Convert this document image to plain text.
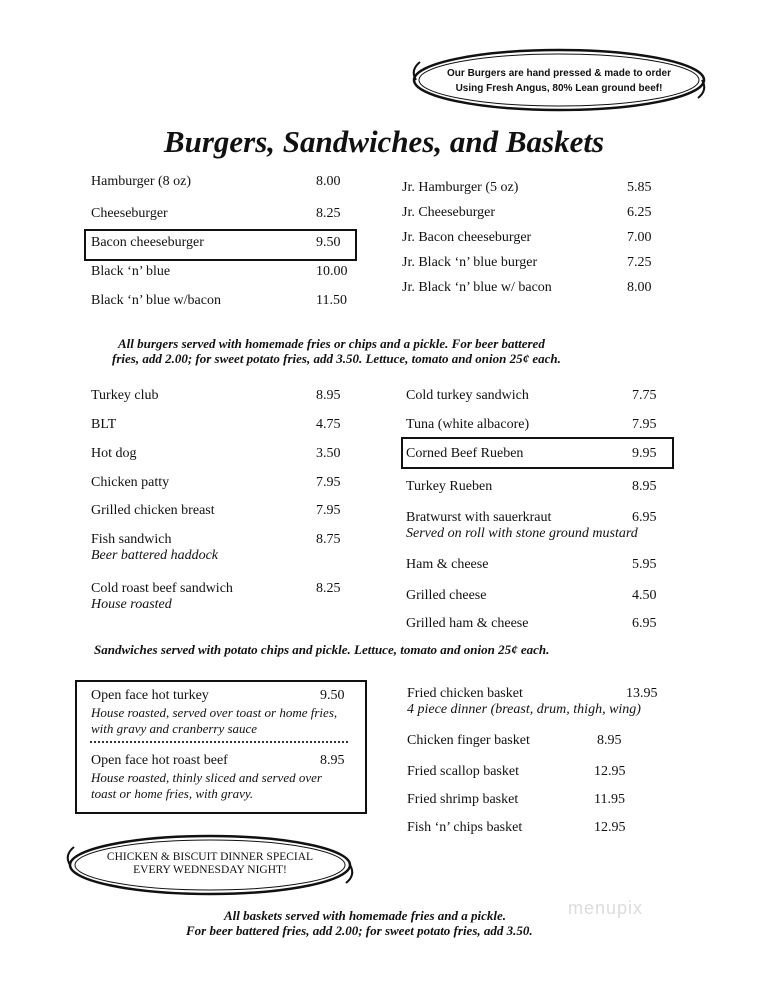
Our Burgers are hand pressed & made to order
Using Fresh Angus, 80% Lean ground beef!
Burgers, Sandwiches, and Baskets
Hamburger (8 oz)	8.00
Cheeseburger	8.25
Bacon cheeseburger	9.50
Black ‘n’ blue	10.00
Black ‘n’ blue w/bacon	11.50
Jr. Hamburger (5 oz)	5.85
Jr. Cheeseburger	6.25
Jr. Bacon cheeseburger	7.00
Jr. Black ‘n’ blue burger	7.25
Jr. Black ‘n’ blue w/ bacon	8.00
All burgers served with homemade fries or chips and a pickle. For beer battered
fries, add 2.00; for sweet potato fries, add 3.50. Lettuce, tomato and onion 25¢ each.
Turkey club	8.95
BLT	4.75
Hot dog	3.50
Chicken patty	7.95
Grilled chicken breast	7.95
Fish sandwich	8.75
Beer battered haddock
Cold roast beef sandwich	8.25
House roasted
Cold turkey sandwich	7.75
Tuna (white albacore)	7.95
Corned Beef Rueben	9.95
Turkey Rueben	8.95
Bratwurst with sauerkraut	6.95
Served on roll with stone ground mustard
Ham & cheese	5.95
Grilled cheese	4.50
Grilled ham & cheese	6.95
Sandwiches served with potato chips and pickle. Lettuce, tomato and onion 25¢ each.
Open face hot turkey	9.50
House roasted, served over toast or home fries,
with gravy and cranberry sauce
Open face hot roast beef	8.95
House roasted, thinly sliced and served over
toast or home fries, with gravy.
Fried chicken basket	13.95
4 piece dinner (breast, drum, thigh, wing)
Chicken finger basket	8.95
Fried scallop basket	12.95
Fried shrimp basket	11.95
Fish ‘n’ chips basket	12.95
CHICKEN & BISCUIT DINNER SPECIAL
EVERY WEDNESDAY NIGHT!
menupix
All baskets served with homemade fries and a pickle.
For beer battered fries, add 2.00; for sweet potato fries, add 3.50.
